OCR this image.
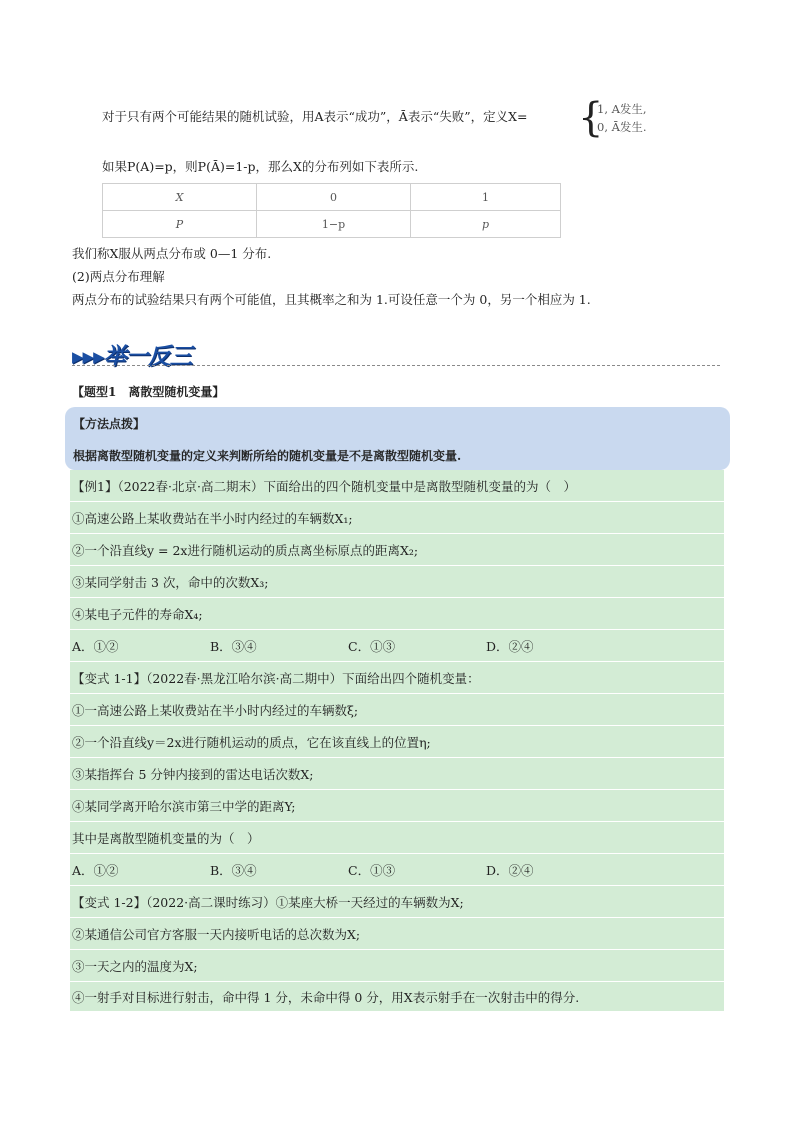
对于只有两个可能结果的随机试验，用A表示“成功”，Ā表示“失败”，定义X= {
1, A发生,
0, Ā发生.
如果P(A)=p，则P(Ā)=1-p，那么X的分布列如下表所示.
X	0	1
P	1−p	p
我们称X服从两点分布或 0—1 分布.
(2)两点分布理解
两点分布的试验结果只有两个可能值，且其概率之和为 1.可设任意一个为 0，另一个相应为 1.
▸▸▸举一反三
【题型1　离散型随机变量】
【方法点拨】
根据离散型随机变量的定义来判断所给的随机变量是不是离散型随机变量.
【例1】（2022春·北京·高二期末）下面给出的四个随机变量中是离散型随机变量的为（　）
①高速公路上某收费站在半小时内经过的车辆数X₁;
②一个沿直线y = 2x进行随机运动的质点离坐标原点的距离X₂;
③某同学射击 3 次，命中的次数X₃;
④某电子元件的寿命X₄;
A．①②	B．③④	C．①③	D．②④
【变式 1-1】（2022春·黑龙江哈尔滨·高二期中）下面给出四个随机变量：
①一高速公路上某收费站在半小时内经过的车辆数ξ;
②一个沿直线y＝2x进行随机运动的质点，它在该直线上的位置η;
③某指挥台 5 分钟内接到的雷达电话次数X;
④某同学离开哈尔滨市第三中学的距离Y;
其中是离散型随机变量的为（　）
A．①②	B．③④	C．①③	D．②④
【变式 1-2】（2022·高二课时练习）①某座大桥一天经过的车辆数为X;
②某通信公司官方客服一天内接听电话的总次数为X;
③一天之内的温度为X;
④一射手对目标进行射击，命中得 1 分，未命中得 0 分，用X表示射手在一次射击中的得分.
